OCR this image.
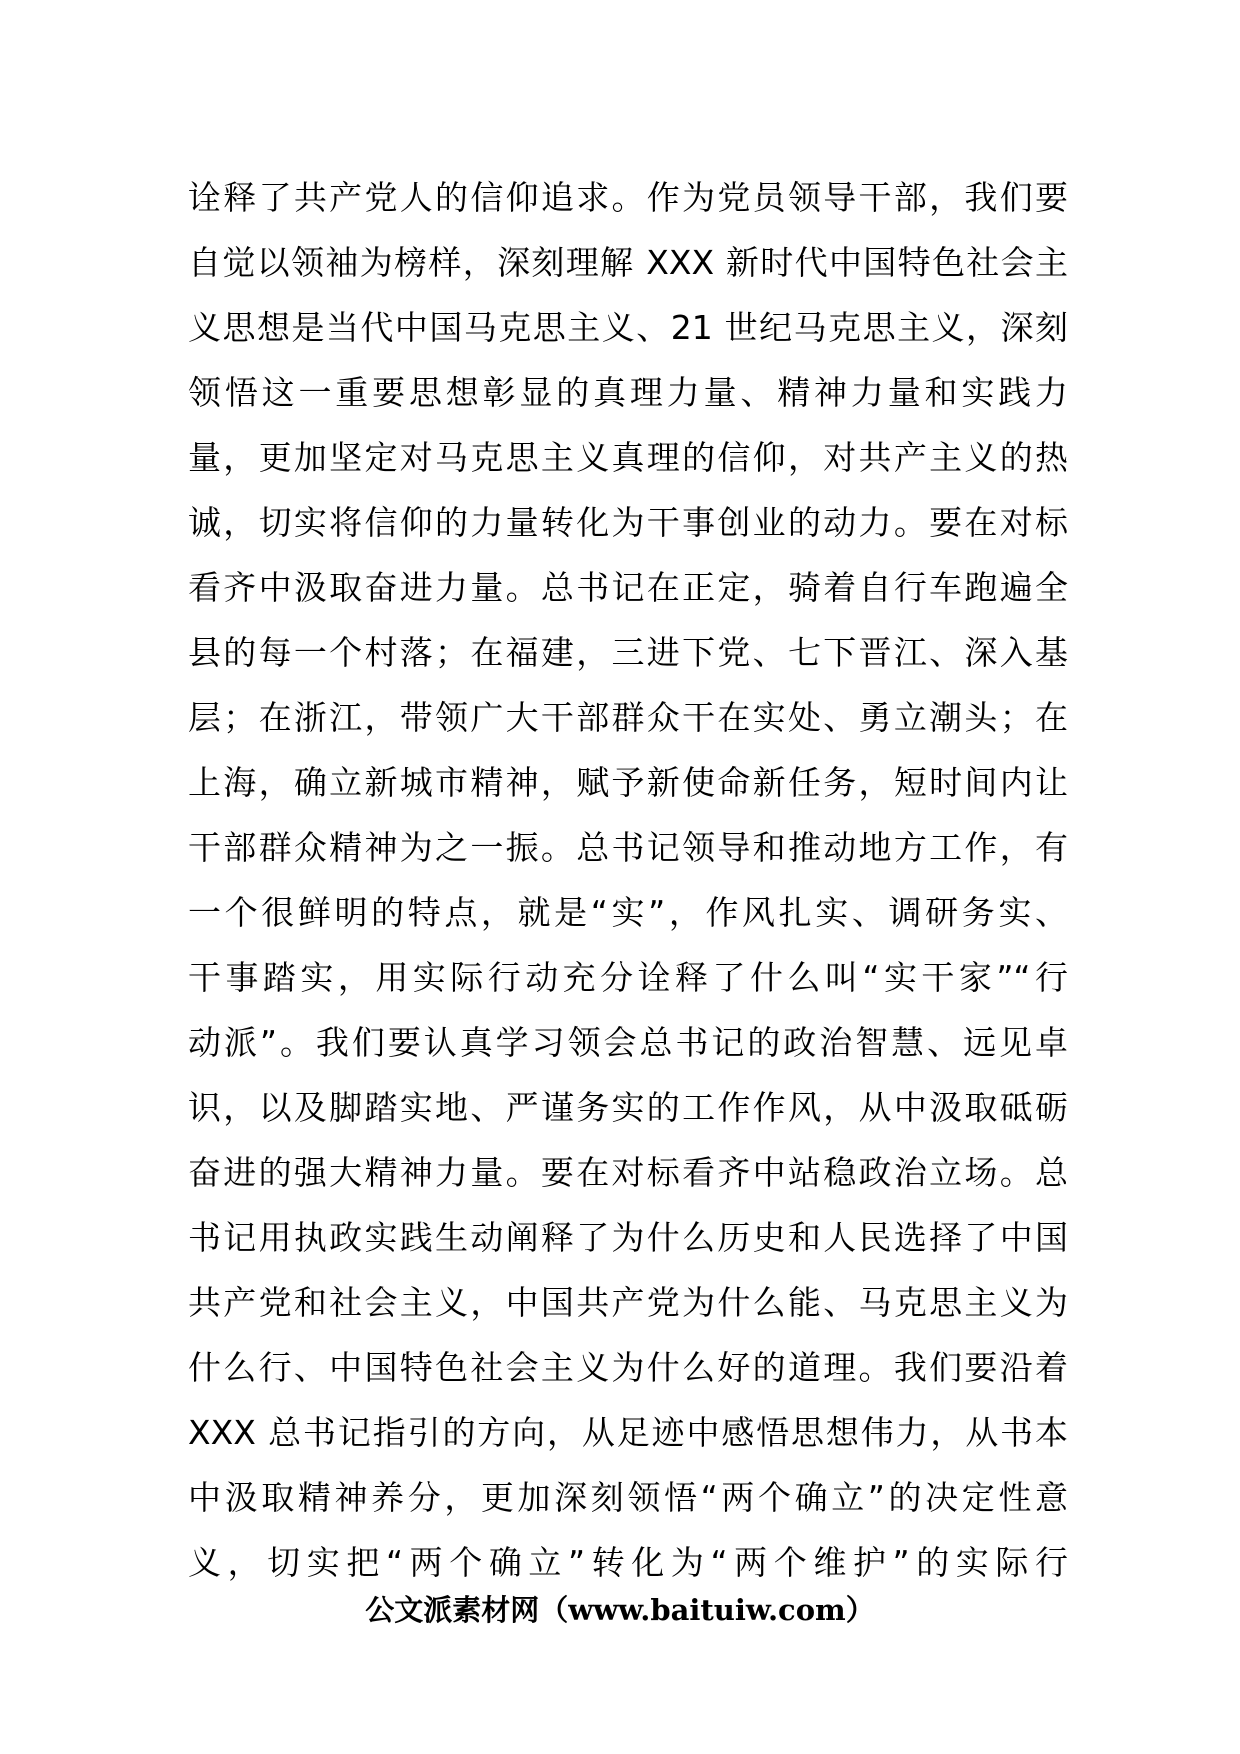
诠释了共产党人的信仰追求。作为党员领导干部，我们要
自觉以领袖为榜样，深刻理解 XXX 新时代中国特色社会主
义思想是当代中国马克思主义、21 世纪马克思主义，深刻
领悟这一重要思想彰显的真理力量、精神力量和实践力
量，更加坚定对马克思主义真理的信仰，对共产主义的热
诚，切实将信仰的力量转化为干事创业的动力。要在对标
看齐中汲取奋进力量。总书记在正定，骑着自行车跑遍全
县的每一个村落；在福建，三进下党、七下晋江、深入基
层；在浙江，带领广大干部群众干在实处、勇立潮头；在
上海，确立新城市精神，赋予新使命新任务，短时间内让
干部群众精神为之一振。总书记领导和推动地方工作，有
一个很鲜明的特点，就是“实”，作风扎实、调研务实、
干事踏实，用实际行动充分诠释了什么叫“实干家”“行
动派”。我们要认真学习领会总书记的政治智慧、远见卓
识，以及脚踏实地、严谨务实的工作作风，从中汲取砥砺
奋进的强大精神力量。要在对标看齐中站稳政治立场。总
书记用执政实践生动阐释了为什么历史和人民选择了中国
共产党和社会主义，中国共产党为什么能、马克思主义为
什么行、中国特色社会主义为什么好的道理。我们要沿着
XXX 总书记指引的方向，从足迹中感悟思想伟力，从书本
中汲取精神养分，更加深刻领悟“两个确立”的决定性意
义，切实把“两个确立”转化为“两个维护”的实际行
公文派素材网（www.baituiw.com）
